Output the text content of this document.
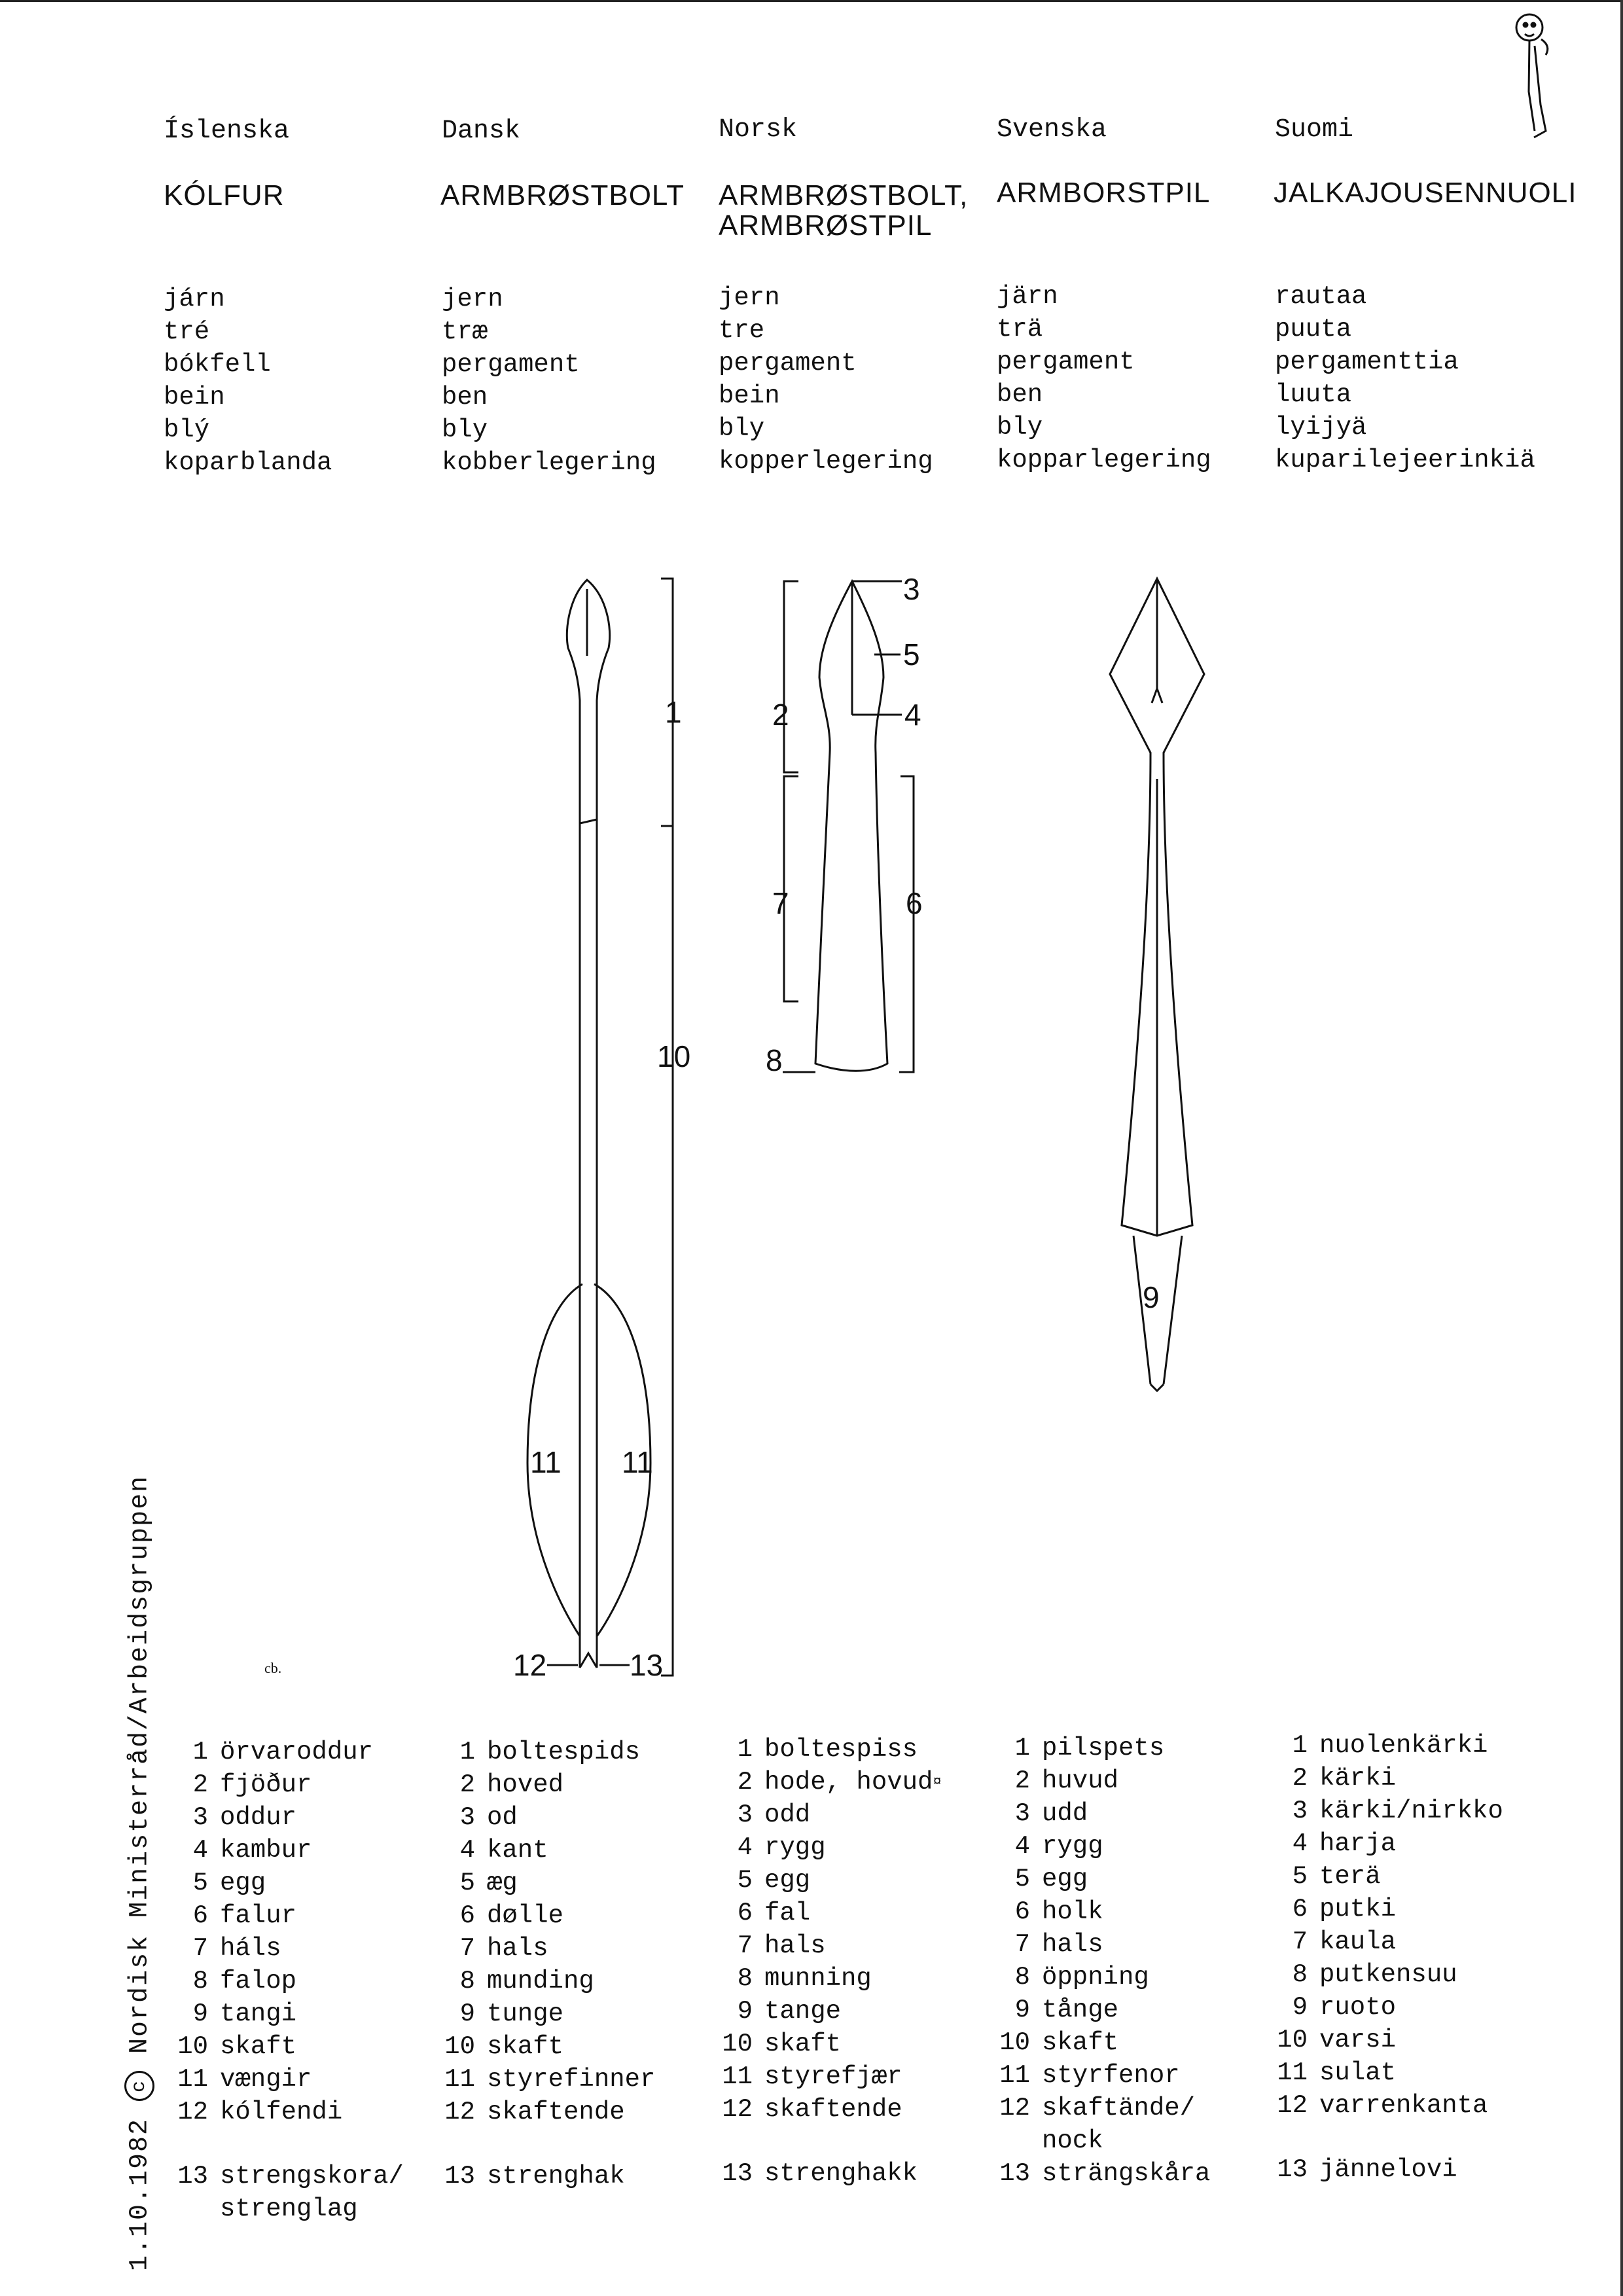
Íslenska
KÓLFUR
járn
tré
bókfell
bein
blý
koparblanda
Dansk
ARMBRØSTBOLT
jern
træ
pergament
ben
bly
kobberlegering
Norsk
ARMBRØSTBOLT,
ARMBRØSTPIL
jern
tre
pergament
bein
bly
kopperlegering
Svenska
ARMBORSTPIL
järn
trä
pergament
ben
bly
kopparlegering
Suomi
JALKAJOUSENNUOLI
rautaa
puuta
pergamenttia
luuta
lyijyä
kuparilejeerinkiä
1
10
11 11
12	13
3
5
4
2
7	6
8
9
cb.
1 örvaroddur
2 fjöður
3 oddur
4 kambur
5 egg
6 falur
7 háls
8 falop
9 tangi
10 skaft
11 vængir
12 kólfendi
13 strengskora/
strenglag
1 boltespids
2 hoved
3 od
4 kant
5 æg
6 dølle
7 hals
8 munding
9 tunge
10 skaft
11 styrefinner
12 skaftende
13 strenghak
1 boltespiss
2 hode, hovud ¤
3 odd
4 rygg
5 egg
6 fal
7 hals
8 munning
9 tange
10 skaft
11 styrefjær
12 skaftende
13 strenghakk
1 pilspets
2 huvud
3 udd
4 rygg
5 egg
6 holk
7 hals
8 öppning
9 tånge
10 skaft
11 styrfenor
12 skaftände/
nock
13 strängskåra
1 nuolenkärki
2 kärki
3 kärki/nirkko
4 harja
5 terä
6 putki
7 kaula
8 putkensuu
9 ruoto
10 varsi
11 sulat
12 varrenkanta
13 jännelovi
1.10.1982cNordisk Ministerråd/Arbeidsgruppen
